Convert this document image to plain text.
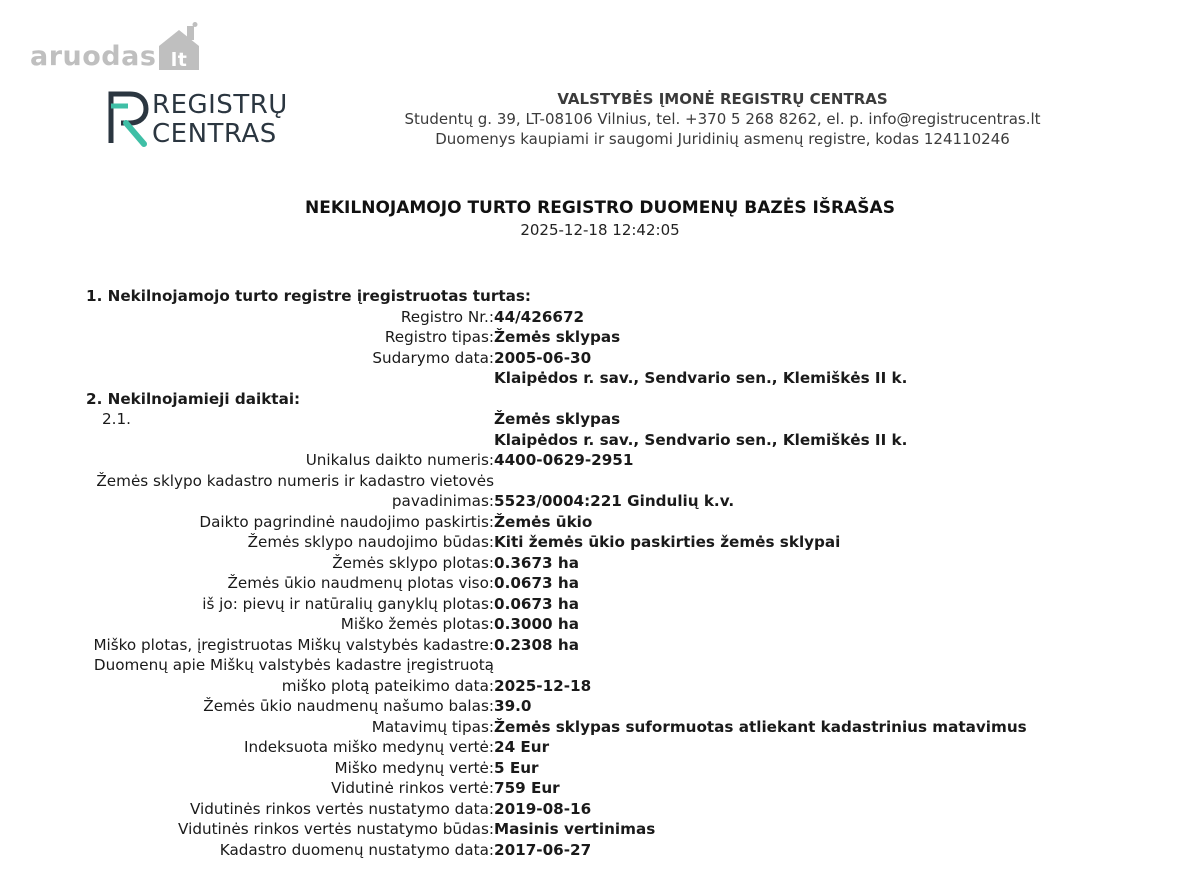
aruodas lt
REGISTRŲ
CENTRAS
VALSTYBĖS ĮMONĖ REGISTRŲ CENTRAS
Studentų g. 39, LT-08106 Vilnius, tel. +370 5 268 8262, el. p. info@registrucentras.lt
Duomenys kaupiami ir saugomi Juridinių asmenų registre, kodas 124110246
NEKILNOJAMOJO TURTO REGISTRO DUOMENŲ BAZĖS IŠRAŠAS
2025-12-18 12:42:05
1. Nekilnojamojo turto registre įregistruotas turtas:
Registro Nr.: 44/426672
Registro tipas: Žemės sklypas
Sudarymo data: 2005-06-30
Klaipėdos r. sav., Sendvario sen., Klemiškės II k.
2. Nekilnojamieji daiktai:
2.1.	Žemės sklypas
Klaipėdos r. sav., Sendvario sen., Klemiškės II k.
Unikalus daikto numeris: 4400-0629-2951
Žemės sklypo kadastro numeris ir kadastro vietovės
pavadinimas: 5523/0004:221 Gindulių k.v.
Daikto pagrindinė naudojimo paskirtis: Žemės ūkio
Žemės sklypo naudojimo būdas: Kiti žemės ūkio paskirties žemės sklypai
Žemės sklypo plotas: 0.3673 ha
Žemės ūkio naudmenų plotas viso: 0.0673 ha
iš jo: pievų ir natūralių ganyklų plotas: 0.0673 ha
Miško žemės plotas: 0.3000 ha
Miško plotas, įregistruotas Miškų valstybės kadastre: 0.2308 ha
Duomenų apie Miškų valstybės kadastre įregistruotą
miško plotą pateikimo data: 2025-12-18
Žemės ūkio naudmenų našumo balas: 39.0
Matavimų tipas: Žemės sklypas suformuotas atliekant kadastrinius matavimus
Indeksuota miško medynų vertė: 24 Eur
Miško medynų vertė: 5 Eur
Vidutinė rinkos vertė: 759 Eur
Vidutinės rinkos vertės nustatymo data: 2019-08-16
Vidutinės rinkos vertės nustatymo būdas: Masinis vertinimas
Kadastro duomenų nustatymo data: 2017-06-27
